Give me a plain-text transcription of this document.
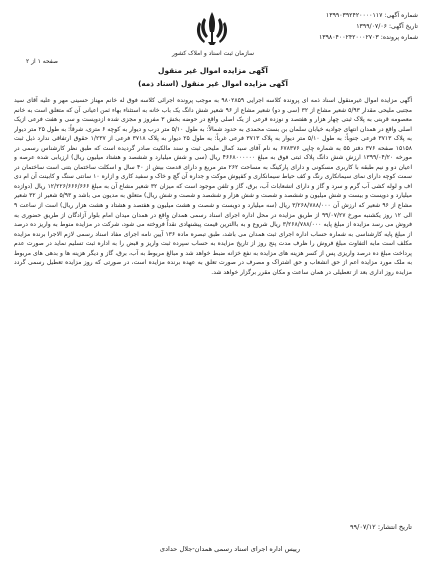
شماره آگهی: ۱۳۹۹۰۳۹۲۴۲۰۰۰۰۱۱۷
تاریخ آگهی: ۱۳۹۹/۰۷/۰۶
شماره پرونده: ۱۳۹۸۰۴۰۰۲۴۲۰۰۰۲۷۰۳
سازمان ثبت اسناد و املاک کشور
صفحه ۱ از ۲
آگهی مزایده اموال غیر منقول
آگهی مزایده اموال غیر منقول (اسناد ذمه)
آگهی مزایده اموال غیرمنقول اسناد ذمه ای پرونده کلاسه اجرایی ۹۸۰۲۸۵۹ به موجب پرونده اجرائی کلاسه فوق له خانم مهناز حسینی مهر و علیه آقای سید مجتبی ملیحی مقدار ۵/۹۳ شعیر مشاع از ۳۲ (سی و دو) شعیر مشاع از ۹۶ شعیر شش دانگ یک باب خانه به استثناء بهاء ثمن اعیانی آن که متعلق است به خانم معصومه قربنی به پلاک ثبتی چهار هزار و هفتصد و نوزده فرعی از یک اصلی واقع در حوضه بخش ۳ مفروز و مجزی شده ازدویست و سی و هفت فرعی ازیک اصلی واقع در همدان انتهای جوادیه خیابان سلمان بن بست محمدی به حدود شمالاً: به طول ۵/۱۰ متر درب و دیوار به کوچه ۶ متری، شرقاً: به طول ۲۵ متر دیوار به پلاک ۳۷۱۳ فرعی جنوباً: به طول ۵/۱۰ متر دیوار به پلاک ۳۷۱۳ فرعی غرباً: به طول ۲۵ دیوار به پلاک ۳۷۱۸ فرعی از ۱/۲۳۷ حقوق ارتفاقی ندارد ذیل ثبت ۱۵۱۵۸ صفحه ۳۷۶ دفتر ۵۵ به شماره چاپی ۶۷۸۳۷۶ به نام آقای سید کمال ملیحی ثبت و سند مالکیت صادر گردیده است که طبق نظر کارشناس رسمی در مورخه ۱۳۹۹/۰۴/۲۰ ارزش شش دانگ پلاک ثبتی فوق به مبلغ ۴۶۶۸۰۰۰۰۰۰ ریال (سی و شش میلیارد و ششصد و هشتاد میلیون ریال) ارزیابی شده عرصه و اعیان دو و نیم طبقه با کاربری مسکونی و دارای پارکینگ به مساحت ۲۶۲ متر مربع و دارای قدمت بیش از ۴۰ سال و اسکلت ساختمان بتنی است ساختمان در سمت کوچه دارای نمای سیمانکاری رنگ و کف حیاط سیمانکاری و کفپوش موکت و جداره آن گچ و خاک و سفید کاری و ازاره ۱۰ سانتی سنگ و کابینت آن ام دی اف و لوله کشی آب گرم و سرد و گاز و دارای انشعابات آب، برق، گاز و تلفن موجود است که میزان ۳۲ شعیر مشاع آن به مبلغ ۱۲/۲۲۶/۶۶۶/۶۶۶ ریال (دوازده میلیارد و دویست و بیست و شش میلیون و ششصد و شصت و شش هزار و ششصد و شصت و شش ریال) متعلق به مدیون می باشد و ۵/۹۳ شعیر از ۳۲ شعیر مشاع از ۹۶ شعیر که ارزش آن ۳/۲۶۸/۷۸۸/۰۰۰ ریال (سه میلیارد و دویست و شصت و هشت میلیون و هفتصد و هشتاد و هشت هزار ریال) است از ساعت ۹ الی ۱۲ روز یکشنبه مورخ ۹۹/۰۷/۲۷ از طریق مزایده در محل اداره اجرای اسناد رسمی همدان واقع در همدان میدان امام بلوار آزادگان از طریق حضوری به فروش می رسد مزایده از مبلغ پایه ۳/۲۶۸/۷۸۸/۰۰۰ ریال شروع و به باالترین قیمت پیشنهادی نقداً فروخته می شود، شرکت در مزایده منوط به واریز ده درصد از مبلغ پایه کارشناسی به شماره حساب اداره اجرای ثبت همدان می باشد، طبق تبصره ماده ۱۳۶ آیین نامه اجرای مفاد اسناد رسمی لازم الاجرا برنده مزایده مکلف است مابه التفاوت مبلغ فروش را ظرف مدت پنج روز از تاریخ مزایده به حساب سپرده ثبت واریز و قبض را به اداره ثبت تسلیم نماید در صورت عدم پرداخت مبلغ ده درصد واریزی پس از کسر هزینه های مزایده به نفع خزانه ضبط خواهد شد و مبالغ مربوط به آب، برق، گاز و دیگر هزینه ها و بدهی های مربوط به ملک مورد مزایده اعم از حق انشعاب و حق اشتراک و مصرف در صورت تعلق به عهده برنده مزایده است، در صورتی که روز مزایده تعطیل رسمی گردد مزایده روز اداری بعد از تعطیلی در همان ساعت و مکان مقرر برگزار خواهد شد.
تاریخ انتشار: ۹۹/۰۷/۱۲
رییس اداره اجرای اسناد رسمی همدان-جلال حدادی
